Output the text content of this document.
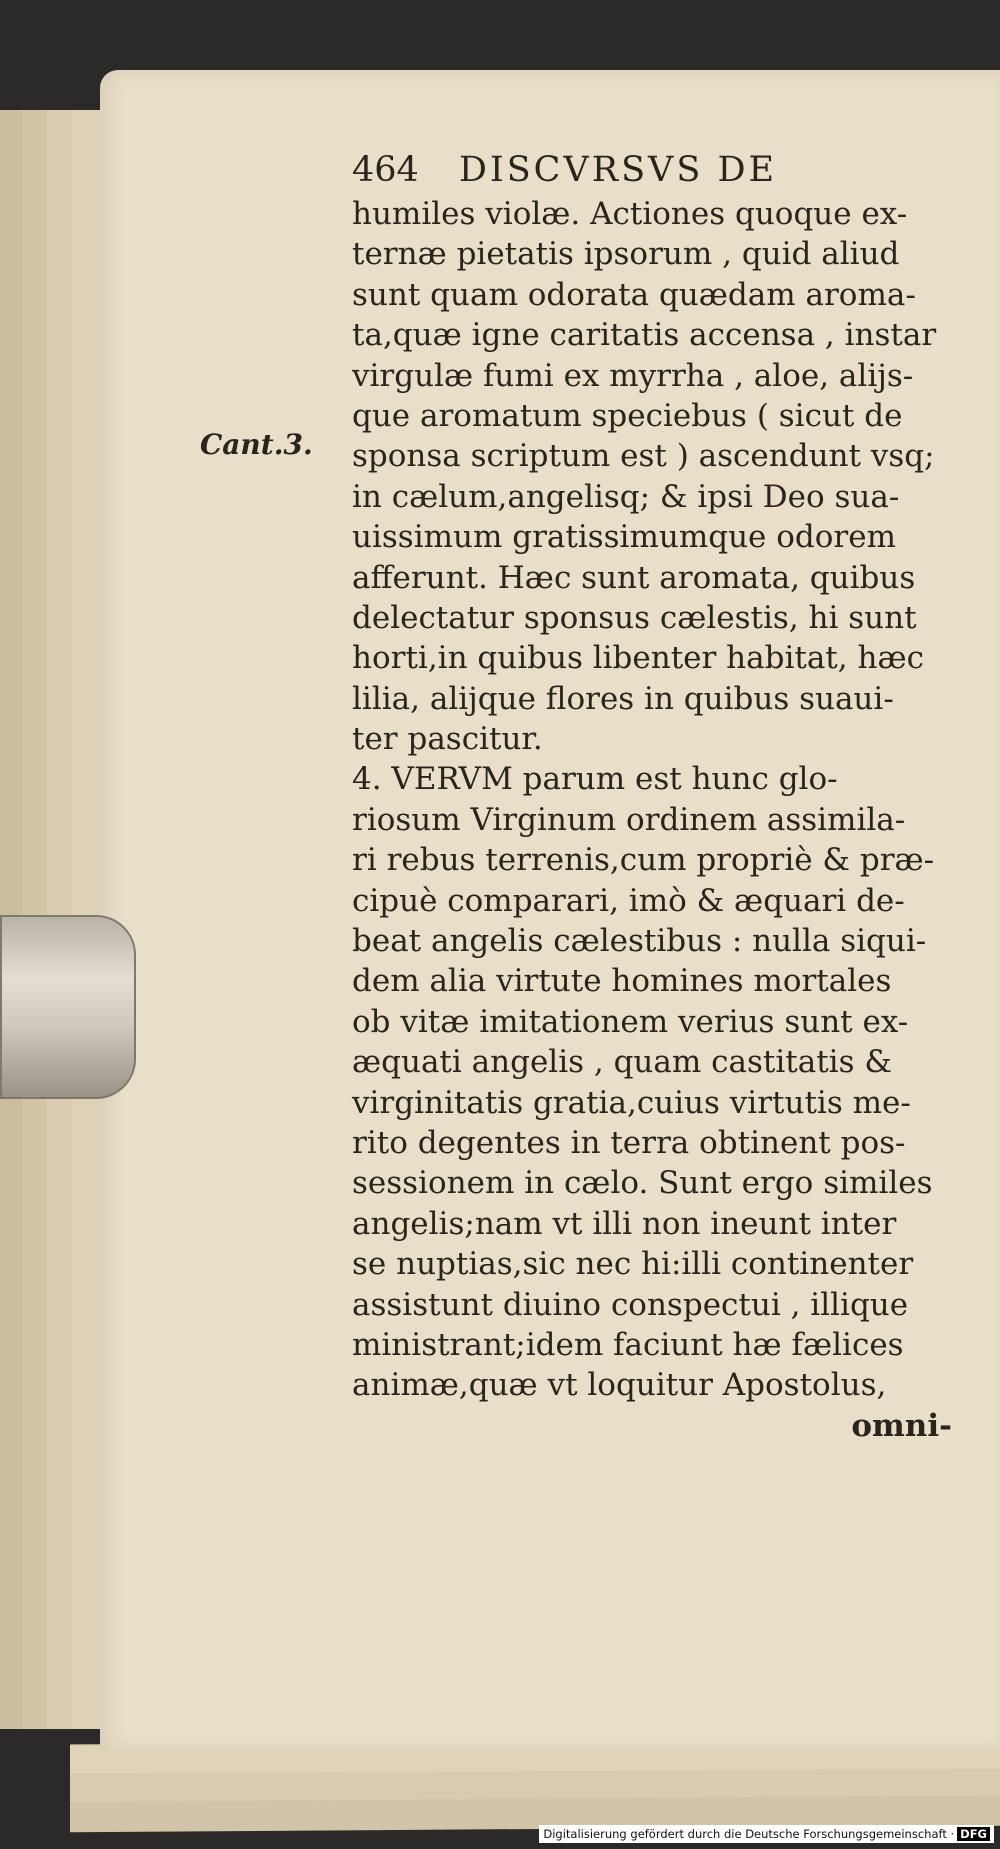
464 DISCVRSVS DE
Cant.3.
humiles violæ. Actiones quoque ex-
ternæ pietatis ipsorum , quid aliud
sunt quam odorata quædam aroma-
ta,quæ igne caritatis accensa , instar
virgulæ fumi ex myrrha , aloe, alijs-
que aromatum speciebus ( sicut de
sponsa scriptum est ) ascendunt vsq;
in cælum,angelisq; & ipsi Deo sua-
uissimum gratissimumque odorem
afferunt. Hæc sunt aromata, quibus
delectatur sponsus cælestis, hi sunt
horti,in quibus libenter habitat, hæc
lilia, alijque flores in quibus suaui-
ter pascitur.
4. VERVM parum est hunc glo-
riosum Virginum ordinem assimila-
ri rebus terrenis,cum propriè & præ-
cipuè comparari, imò & æquari de-
beat angelis cælestibus : nulla siqui-
dem alia virtute homines mortales
ob vitæ imitationem verius sunt ex-
æquati angelis , quam castitatis &
virginitatis gratia,cuius virtutis me-
rito degentes in terra obtinent pos-
sessionem in cælo. Sunt ergo similes
angelis;nam vt illi non ineunt inter
se nuptias,sic nec hi:illi continenter
assistunt diuino conspectui , illique
ministrant;idem faciunt hæ fælices
animæ,quæ vt loquitur Apostolus,
omni-
Digitalisierung gefördert durch die Deutsche Forschungsgemeinschaft · DFG
